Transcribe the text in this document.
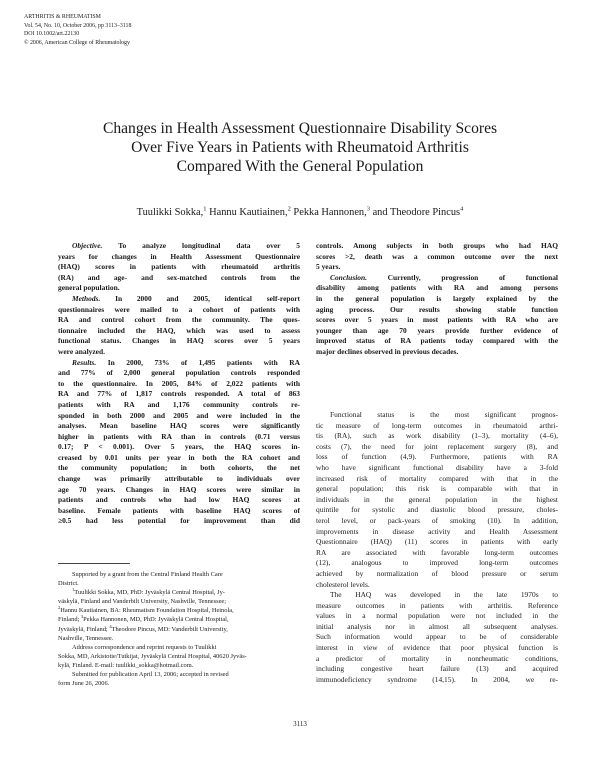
ARTHRITIS & RHEUMATISM
Vol. 54, No. 10, October 2006, pp 3113–3118
DOI 10.1002/art.22130
© 2006, American College of Rheumatology
Changes in Health Assessment Questionnaire Disability Scores
Over Five Years in Patients with Rheumatoid Arthritis
Compared With the General Population
Tuulikki Sokka,$^1$ Hannu Kautiainen,$^2$ Pekka Hannonen,$^3$ and Theodore Pincus$^4$
Objective. To analyze longitudinal data over 5
years for changes in Health Assessment Questionnaire
(HAQ) scores in patients with rheumatoid arthritis
(RA) and age- and sex-matched controls from the
general population.
Methods. In 2000 and 2005, identical self-report
questionnaires were mailed to a cohort of patients with
RA and control cohort from the community. The ques-
tionnaire included the HAQ, which was used to assess
functional status. Changes in HAQ scores over 5 years
were analyzed.
Results. In 2000, 73% of 1,495 patients with RA
and 77% of 2,000 general population controls responded
to the questionnaire. In 2005, 84% of 2,022 patients with
RA and 77% of 1,817 controls responded. A total of 863
patients with RA and 1,176 community controls re-
sponded in both 2000 and 2005 and were included in the
analyses. Mean baseline HAQ scores were significantly
higher in patients with RA than in controls (0.71 versus
0.17; P < 0.001). Over 5 years, the HAQ scores in-
creased by 0.01 units per year in both the RA cohort and
the community population; in both cohorts, the net
change was primarily attributable to individuals over
age 70 years. Changes in HAQ scores were similar in
patients and controls who had low HAQ scores at
baseline. Female patients with baseline HAQ scores of
≥0.5 had less potential for improvement than did
controls. Among subjects in both groups who had HAQ
scores >2, death was a common outcome over the next
5 years.
Conclusion.	Currently, progression of functional
disability among patients with RA and among persons
in the general population is largely explained by the
aging process. Our results showing stable function
scores over 5 years in most patients with RA who are
younger than age 70 years provide further evidence of
improved status of RA patients today compared with the
major declines observed in previous decades.
Functional status is the most significant prognos-
tic measure of long-term outcomes in rheumatoid arthri-
tis (RA), such as work disability (1–3), mortality (4–6),
costs (7), the need for joint replacement surgery (8), and
loss of function (4,9). Furthermore, patients with RA
who have significant functional disability have a 3-fold
increased risk of mortality compared with that in the
general population; this risk is comparable with that in
individuals in the general population in the highest
quintile for systolic and diastolic blood pressure, choles-
terol level, or pack-years of smoking (10). In addition,
improvements in disease activity and Health Assessment
Questionnaire (HAQ) (11) scores in patients with early
RA are associated with favorable long-term outcomes
(12), analogous to improved long-term outcomes
achieved by normalization of blood pressure or serum
cholesterol levels.
The HAQ was developed in the late 1970s to
measure outcomes in patients with arthritis. Reference
values in a normal population were not included in the
initial analysis nor in almost all subsequent analyses.
Such information would appear to be of considerable
interest in view of evidence that poor physical function is
a predictor of mortality in nonrheumatic conditions,
including congestive heart failure (13) and acquired
immunodeficiency syndrome (14,15). In 2004, we re-
Supported by a grant from the Central Finland Health Care
District.
$^1$Tuulikki Sokka, MD, PhD: Jyväskylä Central Hospital, Jy-
väskylä, Finland and Vanderbilt University, Nashville, Tennessee;
$^2$Hannu Kautiainen, BA: Rheumatism Foundation Hospital, Heinola,
Finland; $^3$Pekka Hannonen, MD, PhD: Jyväskylä Central Hospital,
Jyväskylä, Finland; $^4$Theodore Pincus, MD: Vanderbilt University,
Nashville, Tennessee.
Address correspondence and reprint requests to Tuulikki
Sokka, MD, Arkistotie/Tutkijat, Jyväskylä Central Hospital, 40620 Jyväs-
kylä, Finland. E-mail: tuulikki_sokka@hotmail.com.
Submitted for publication April 13, 2006; accepted in revised
form June 26, 2006.
3113
